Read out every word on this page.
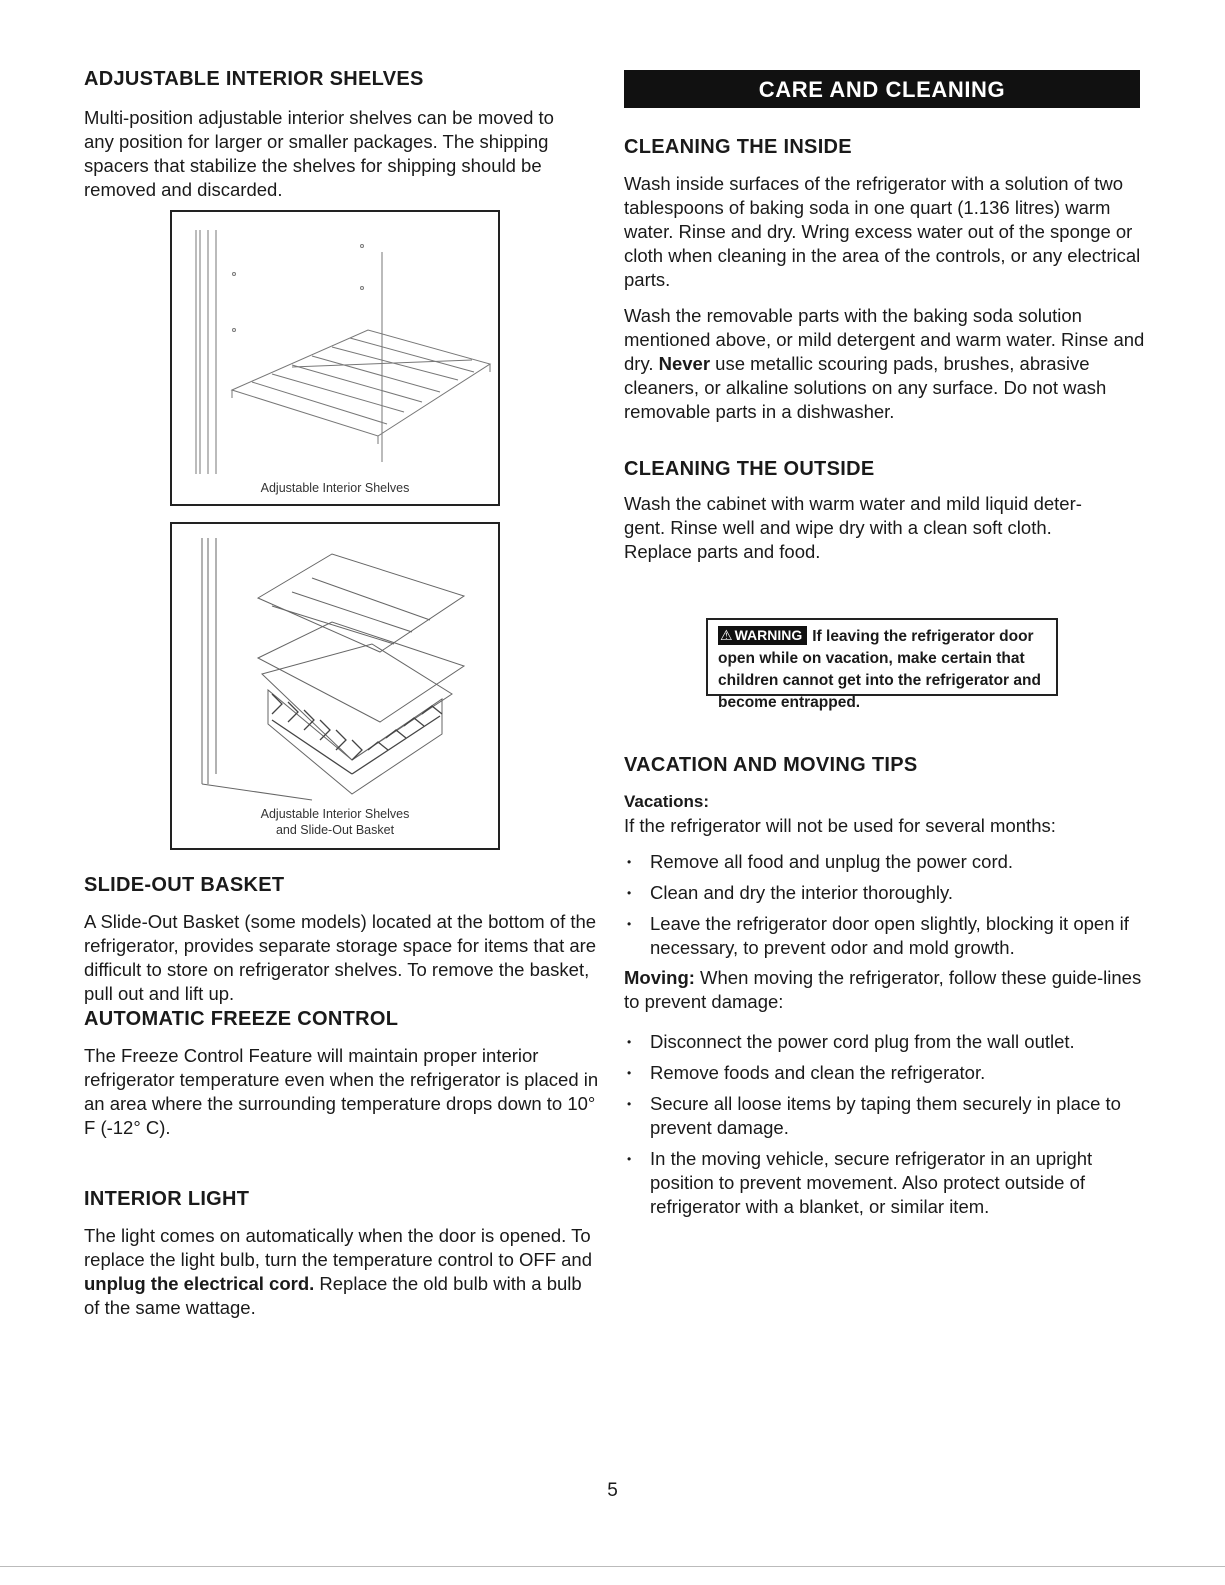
ADJUSTABLE INTERIOR SHELVES

Multi-position adjustable interior shelves can be moved to any position for larger or smaller packages. The shipping spacers that stabilize the shelves for shipping should be removed and discarded.

Adjustable Interior Shelves
Adjustable Interior Shelves
and Slide-Out Basket
SLIDE-OUT BASKET

A Slide-Out Basket (some models) located at the bottom of the refrigerator, provides separate storage space for items that are difficult to store on refrigerator shelves. To remove the basket, pull out and lift up.

AUTOMATIC FREEZE CONTROL

The Freeze Control Feature will maintain proper interior refrigerator temperature even when the refrigerator is placed in an area where the surrounding temperature drops down to 10° F (-12° C).

INTERIOR LIGHT

The light comes on automatically when the door is opened. To replace the light bulb, turn the temperature control to OFF and unplug the electrical cord. Replace the old bulb with a bulb of the same wattage.

CARE AND CLEANING
CLEANING THE INSIDE

Wash inside surfaces of the refrigerator with a solution of two tablespoons of baking soda in one quart (1.136 litres) warm water. Rinse and dry. Wring excess water out of the sponge or cloth when cleaning in the area of the controls, or any electrical parts.

Wash the removable parts with the baking soda solution mentioned above, or mild detergent and warm water. Rinse and dry. Never use metallic scouring pads, brushes, abrasive cleaners, or alkaline solutions on any surface. Do not wash removable parts in a dishwasher.

CLEANING THE OUTSIDE

Wash the cabinet with warm water and mild liquid deter-gent. Rinse well and wipe dry with a clean soft cloth. Replace parts and food.

⚠ WARNING If leaving the refrigerator door open while on vacation, make certain that children cannot get into the refrigerator and become entrapped.
VACATION AND MOVING TIPS
Vacations:

If the refrigerator will not be used for several months:

• Remove all food and unplug the power cord.
• Clean and dry the interior thoroughly.
• Leave the refrigerator door open slightly, blocking it open if necessary, to prevent odor and mold growth.

Moving: When moving the refrigerator, follow these guide-lines to prevent damage:

• Disconnect the power cord plug from the wall outlet.
• Remove foods and clean the refrigerator.
• Secure all loose items by taping them securely in place to prevent damage.
• In the moving vehicle, secure refrigerator in an upright position to prevent movement. Also protect outside of refrigerator with a blanket, or similar item.
5
